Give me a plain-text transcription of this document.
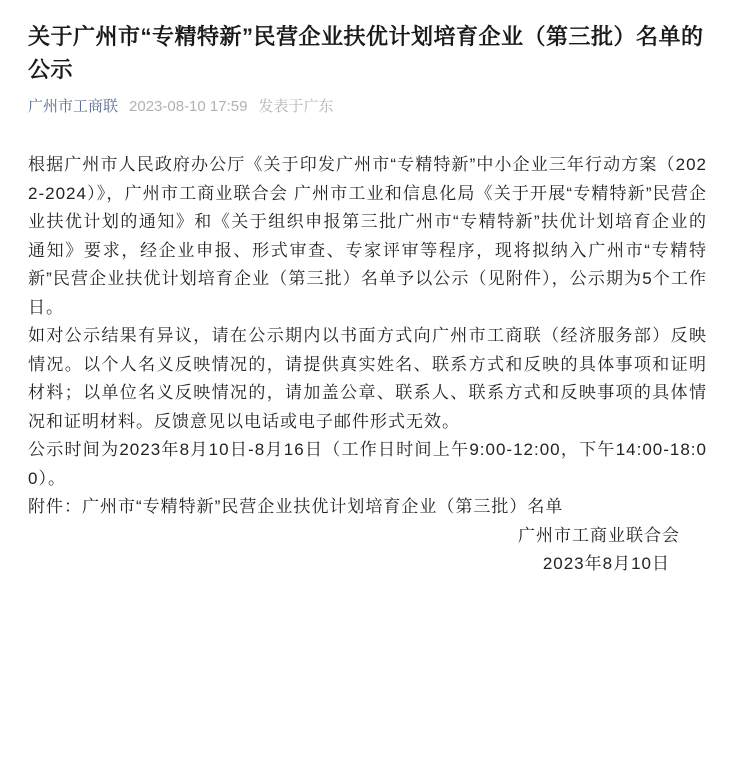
关于广州市“专精特新”民营企业扶优计划培育企业（第三批）名单的公示
广州市工商联 2023-08-10 17:59 发表于广东

根据广州市人民政府办公厅《关于印发广州市“专精特新”中小企业三年行动方案（2022-2024）》，广州市工商业联合会 广州市工业和信息化局《关于开展“专精特新”民营企业扶优计划的通知》和《关于组织申报第三批广州市“专精特新”扶优计划培育企业的通知》要求，经企业申报、形式审查、专家评审等程序，现将拟纳入广州市“专精特新”民营企业扶优计划培育企业（第三批）名单予以公示（见附件），公示期为5个工作日。

如对公示结果有异议，请在公示期内以书面方式向广州市工商联（经济服务部）反映情况。以个人名义反映情况的，请提供真实姓名、联系方式和反映的具体事项和证明材料；以单位名义反映情况的，请加盖公章、联系人、联系方式和反映事项的具体情况和证明材料。反馈意见以电话或电子邮件形式无效。

公示时间为2023年8月10日-8月16日（工作日时间上午9:00-12:00，下午14:00-18:00）。

附件：广州市“专精特新”民营企业扶优计划培育企业（第三批）名单

广州市工商业联合会
2023年8月10日
